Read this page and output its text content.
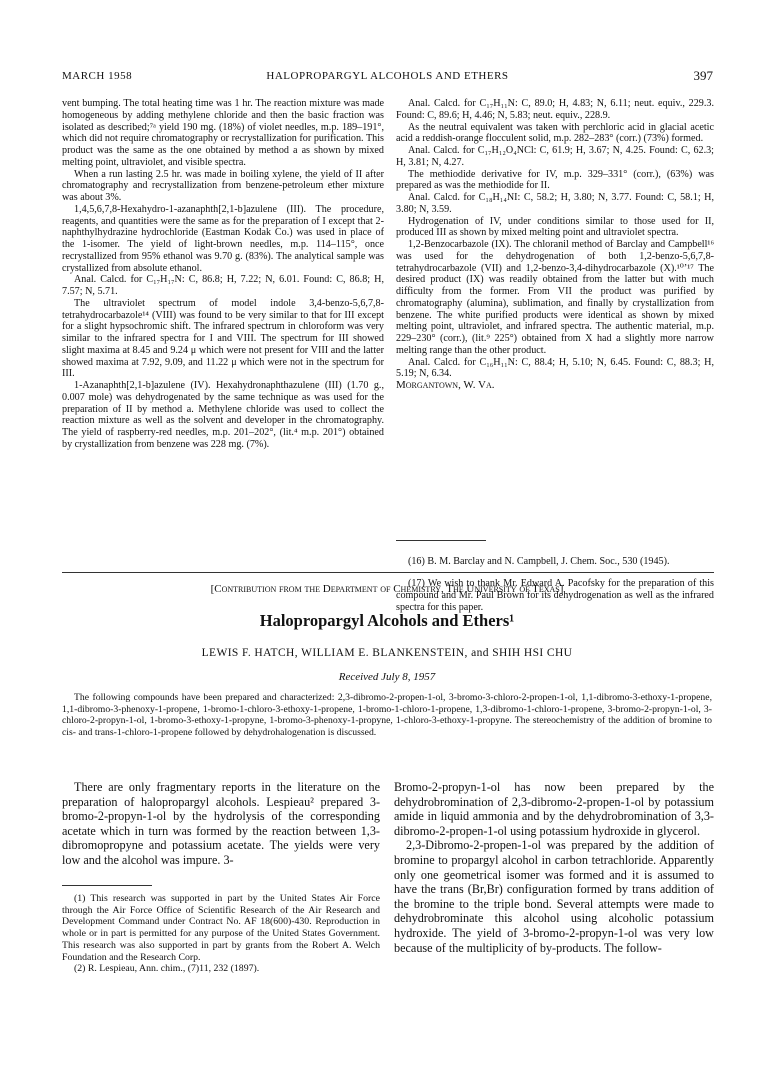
MARCH 1958	HALOPROPARGYL ALCOHOLS AND ETHERS	397

vent bumping. The total heating time was 1 hr. The reaction mixture was made homogeneous by adding methylene chloride and then the basic fraction was isolated as described;⁷ᵃ yield 190 mg. (18%) of violet needles, m.p. 189–191°, which did not require chromatography or recrystallization for purification. This product was the same as the one obtained by method a as shown by mixed melting point, ultraviolet, and visible spectra.

When a run lasting 2.5 hr. was made in boiling xylene, the yield of II after chromatography and recrystallization from benzene-petroleum ether mixture was about 3%.

1,4,5,6,7,8-Hexahydro-1-azanaphth[2,1-b]azulene (III). The procedure, reagents, and quantities were the same as for the preparation of I except that 2-naphthylhydrazine hydrochloride (Eastman Kodak Co.) was used in place of the 1-isomer. The yield of light-brown needles, m.p. 114–115°, once recrystallized from 95% ethanol was 9.70 g. (83%). The analytical sample was crystallized from absolute ethanol.

Anal. Calcd. for C₁₇H₁₇N: C, 86.8; H, 7.22; N, 6.01. Found: C, 86.8; H, 7.57; N, 5.71.

The ultraviolet spectrum of model indole 3,4-benzo-5,6,7,8-tetrahydrocarbazole¹⁴ (VIII) was found to be very similar to that for III except for a slight hypsochromic shift. The infrared spectrum in chloroform was very similar to the infrared spectra for I and VIII. The spectrum for III showed slight maxima at 8.45 and 9.24 μ which were not present for VIII and the latter showed maxima at 7.92, 9.09, and 11.22 μ which were not in the spectrum for III.

1-Azanaphth[2,1-b]azulene (IV). Hexahydronaphthazulene (III) (1.70 g., 0.007 mole) was dehydrogenated by the same technique as was used for the preparation of II by method a. Methylene chloride was used to collect the reaction mixture as well as the solvent and developer in the chromatography. The yield of raspberry-red needles, m.p. 201–202°, (lit.⁴ m.p. 201°) obtained by crystallization from benzene was 228 mg. (7%).

Anal. Calcd. for C₁₇H₁₁N: C, 89.0; H, 4.83; N, 6.11; neut. equiv., 229.3. Found: C, 89.6; H, 4.46; N, 5.83; neut. equiv., 228.9.

As the neutral equivalent was taken with perchloric acid in glacial acetic acid a reddish-orange flocculent solid, m.p. 282–283° (corr.) (73%) formed.

Anal. Calcd. for C₁₇H₁₂O₄NCl: C, 61.9; H, 3.67; N, 4.25. Found: C, 62.3; H, 3.81; N, 4.27.

The methiodide derivative for IV, m.p. 329–331° (corr.), (63%) was prepared as was the methiodide for II.

Anal. Calcd. for C₁₈H₁₄NI: C, 58.2; H, 3.80; N, 3.77. Found: C, 58.1; H, 3.80; N, 3.59.

Hydrogenation of IV, under conditions similar to those used for II, produced III as shown by mixed melting point and ultraviolet spectra.

1,2-Benzocarbazole (IX). The chloranil method of Barclay and Campbell¹⁶ was used for the dehydrogenation of both 1,2-benzo-5,6,7,8-tetrahydrocarbazole (VII) and 1,2-benzo-3,4-dihydrocarbazole (X).¹⁰ʼ¹⁷ The desired product (IX) was readily obtained from the latter but with much difficulty from the former. From VII the product was purified by chromatography (alumina), sublimation, and finally by crystallization from benzene. The white purified products were identical as shown by mixed melting point, ultraviolet, and infrared spectra. The authentic material, m.p. 229–230° (corr.), (lit.⁹ 225°) obtained from X had a slightly more narrow melting range than the other product.

Anal. Calcd. for C₁₆H₁₁N: C, 88.4; H, 5.10; N, 6.45. Found: C, 88.3; H, 5.19; N, 6.34.

Morgantown, W. Va.

(16) B. M. Barclay and N. Campbell, J. Chem. Soc., 530 (1945).

(17) We wish to thank Mr. Edward A. Pacofsky for the preparation of this compound and Mr. Paul Brown for its dehydrogenation as well as the infrared spectra for this paper.

[Contribution from the Department of Chemistry, The University of Texas]
Halopropargyl Alcohols and Ethers¹
LEWIS F. HATCH, WILLIAM E. BLANKENSTEIN, and SHIH HSI CHU
Received July 8, 1957

The following compounds have been prepared and characterized: 2,3-dibromo-2-propen-1-ol, 3-bromo-3-chloro-2-propen-1-ol, 1,1-dibromo-3-ethoxy-1-propene, 1,1-dibromo-3-phenoxy-1-propene, 1-bromo-1-chloro-3-ethoxy-1-propene, 1-bromo-1-chloro-1-propene, 1,3-dibromo-1-chloro-1-propene, 3-bromo-2-propyn-1-ol, 3-chloro-2-propyn-1-ol, 1-bromo-3-ethoxy-1-propyne, 1-bromo-3-phenoxy-1-propyne, 1-chloro-3-ethoxy-1-propyne. The stereochemistry of the addition of bromine to cis- and trans-1-chloro-1-propene followed by dehydrohalogenation is discussed.

There are only fragmentary reports in the literature on the preparation of halopropargyl alcohols. Lespieau² prepared 3-bromo-2-propyn-1-ol by the hydrolysis of the corresponding acetate which in turn was formed by the reaction between 1,3-dibromopropyne and potassium acetate. The yields were very low and the alcohol was impure. 3-

(1) This research was supported in part by the United States Air Force through the Air Force Office of Scientific Research of the Air Research and Development Command under Contract No. AF 18(600)-430. Reproduction in whole or in part is permitted for any purpose of the United States Government. This research was also supported in part by grants from the Robert A. Welch Foundation and the Research Corp.

(2) R. Lespieau, Ann. chim., (7)11, 232 (1897).

Bromo-2-propyn-1-ol has now been prepared by the dehydrobromination of 2,3-dibromo-2-propen-1-ol by potassium amide in liquid ammonia and by the dehydrobromination of 3,3-dibromo-2-propen-1-ol using potassium hydroxide in glycerol.

2,3-Dibromo-2-propen-1-ol was prepared by the addition of bromine to propargyl alcohol in carbon tetrachloride. Apparently only one geometrical isomer was formed and it is assumed to have the trans (Br,Br) configuration formed by trans addition of the bromine to the triple bond. Several attempts were made to dehydrobrominate this alcohol using alcoholic potassium hydroxide. The yield of 3-bromo-2-propyn-1-ol was very low because of the multiplicity of by-products. The follow-
